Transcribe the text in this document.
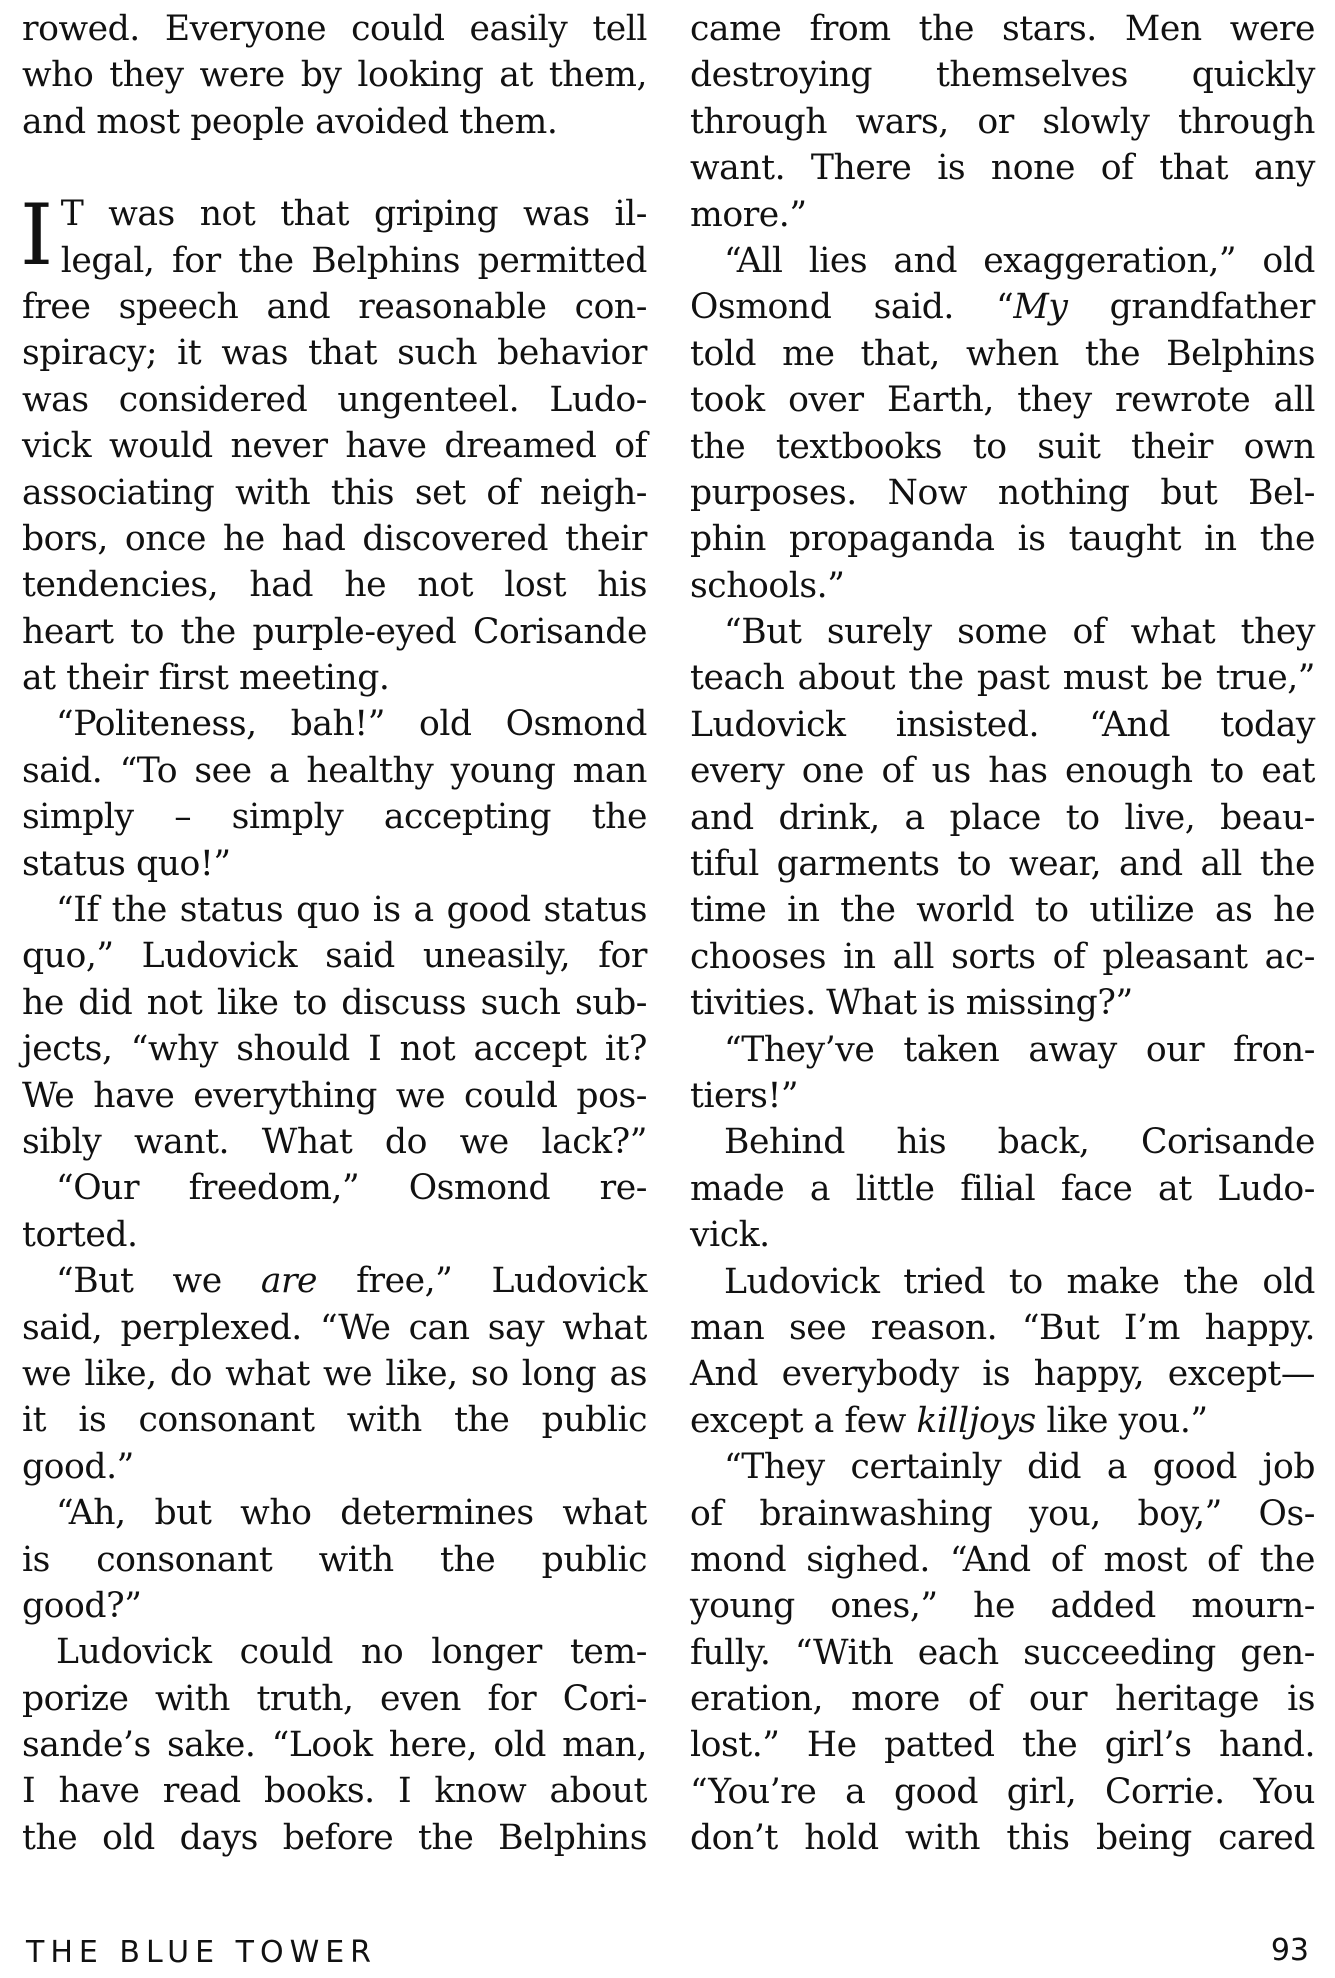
rowed. Everyone could easily tell
who they were by looking at them,
and most people avoided them.
I T was not that griping was il-
legal, for the Belphins permitted
free speech and reasonable con-
spiracy; it was that such behavior
was considered ungenteel. Ludo-
vick would never have dreamed of
associating with this set of neigh-
bors, once he had discovered their
tendencies, had he not lost his
heart to the purple-eyed Corisande
at their first meeting.
“Politeness, bah!” old Osmond
said. “To see a healthy young man
simply – simply accepting the
status quo!”
“If the status quo is a good status
quo,” Ludovick said uneasily, for
he did not like to discuss such sub-
jects, “why should I not accept it?
We have everything we could pos-
sibly want. What do we lack?”
“Our freedom,” Osmond re-
torted.
“But we are free,” Ludovick
said, perplexed. “We can say what
we like, do what we like, so long as
it is consonant with the public
good.”
“Ah, but who determines what
is consonant with the public
good?”
Ludovick could no longer tem-
porize with truth, even for Cori-
sande’s sake. “Look here, old man,
I have read books. I know about
the old days before the Belphins
came from the stars. Men were
destroying themselves quickly
through wars, or slowly through
want. There is none of that any
more.”
“All lies and exaggeration,” old
Osmond said. “My grandfather
told me that, when the Belphins
took over Earth, they rewrote all
the textbooks to suit their own
purposes. Now nothing but Bel-
phin propaganda is taught in the
schools.”
“But surely some of what they
teach about the past must be true,”
Ludovick insisted. “And today
every one of us has enough to eat
and drink, a place to live, beau-
tiful garments to wear, and all the
time in the world to utilize as he
chooses in all sorts of pleasant ac-
tivities. What is missing?”
“They’ve taken away our fron-
tiers!”
Behind his back, Corisande
made a little filial face at Ludo-
vick.
Ludovick tried to make the old
man see reason. “But I’m happy.
And everybody is happy, except—
except a few killjoys like you.”
“They certainly did a good job
of brainwashing you, boy,” Os-
mond sighed. “And of most of the
young ones,” he added mourn-
fully. “With each succeeding gen-
eration, more of our heritage is
lost.” He patted the girl’s hand.
“You’re a good girl, Corrie. You
don’t hold with this being cared
THE BLUE TOWER	93
